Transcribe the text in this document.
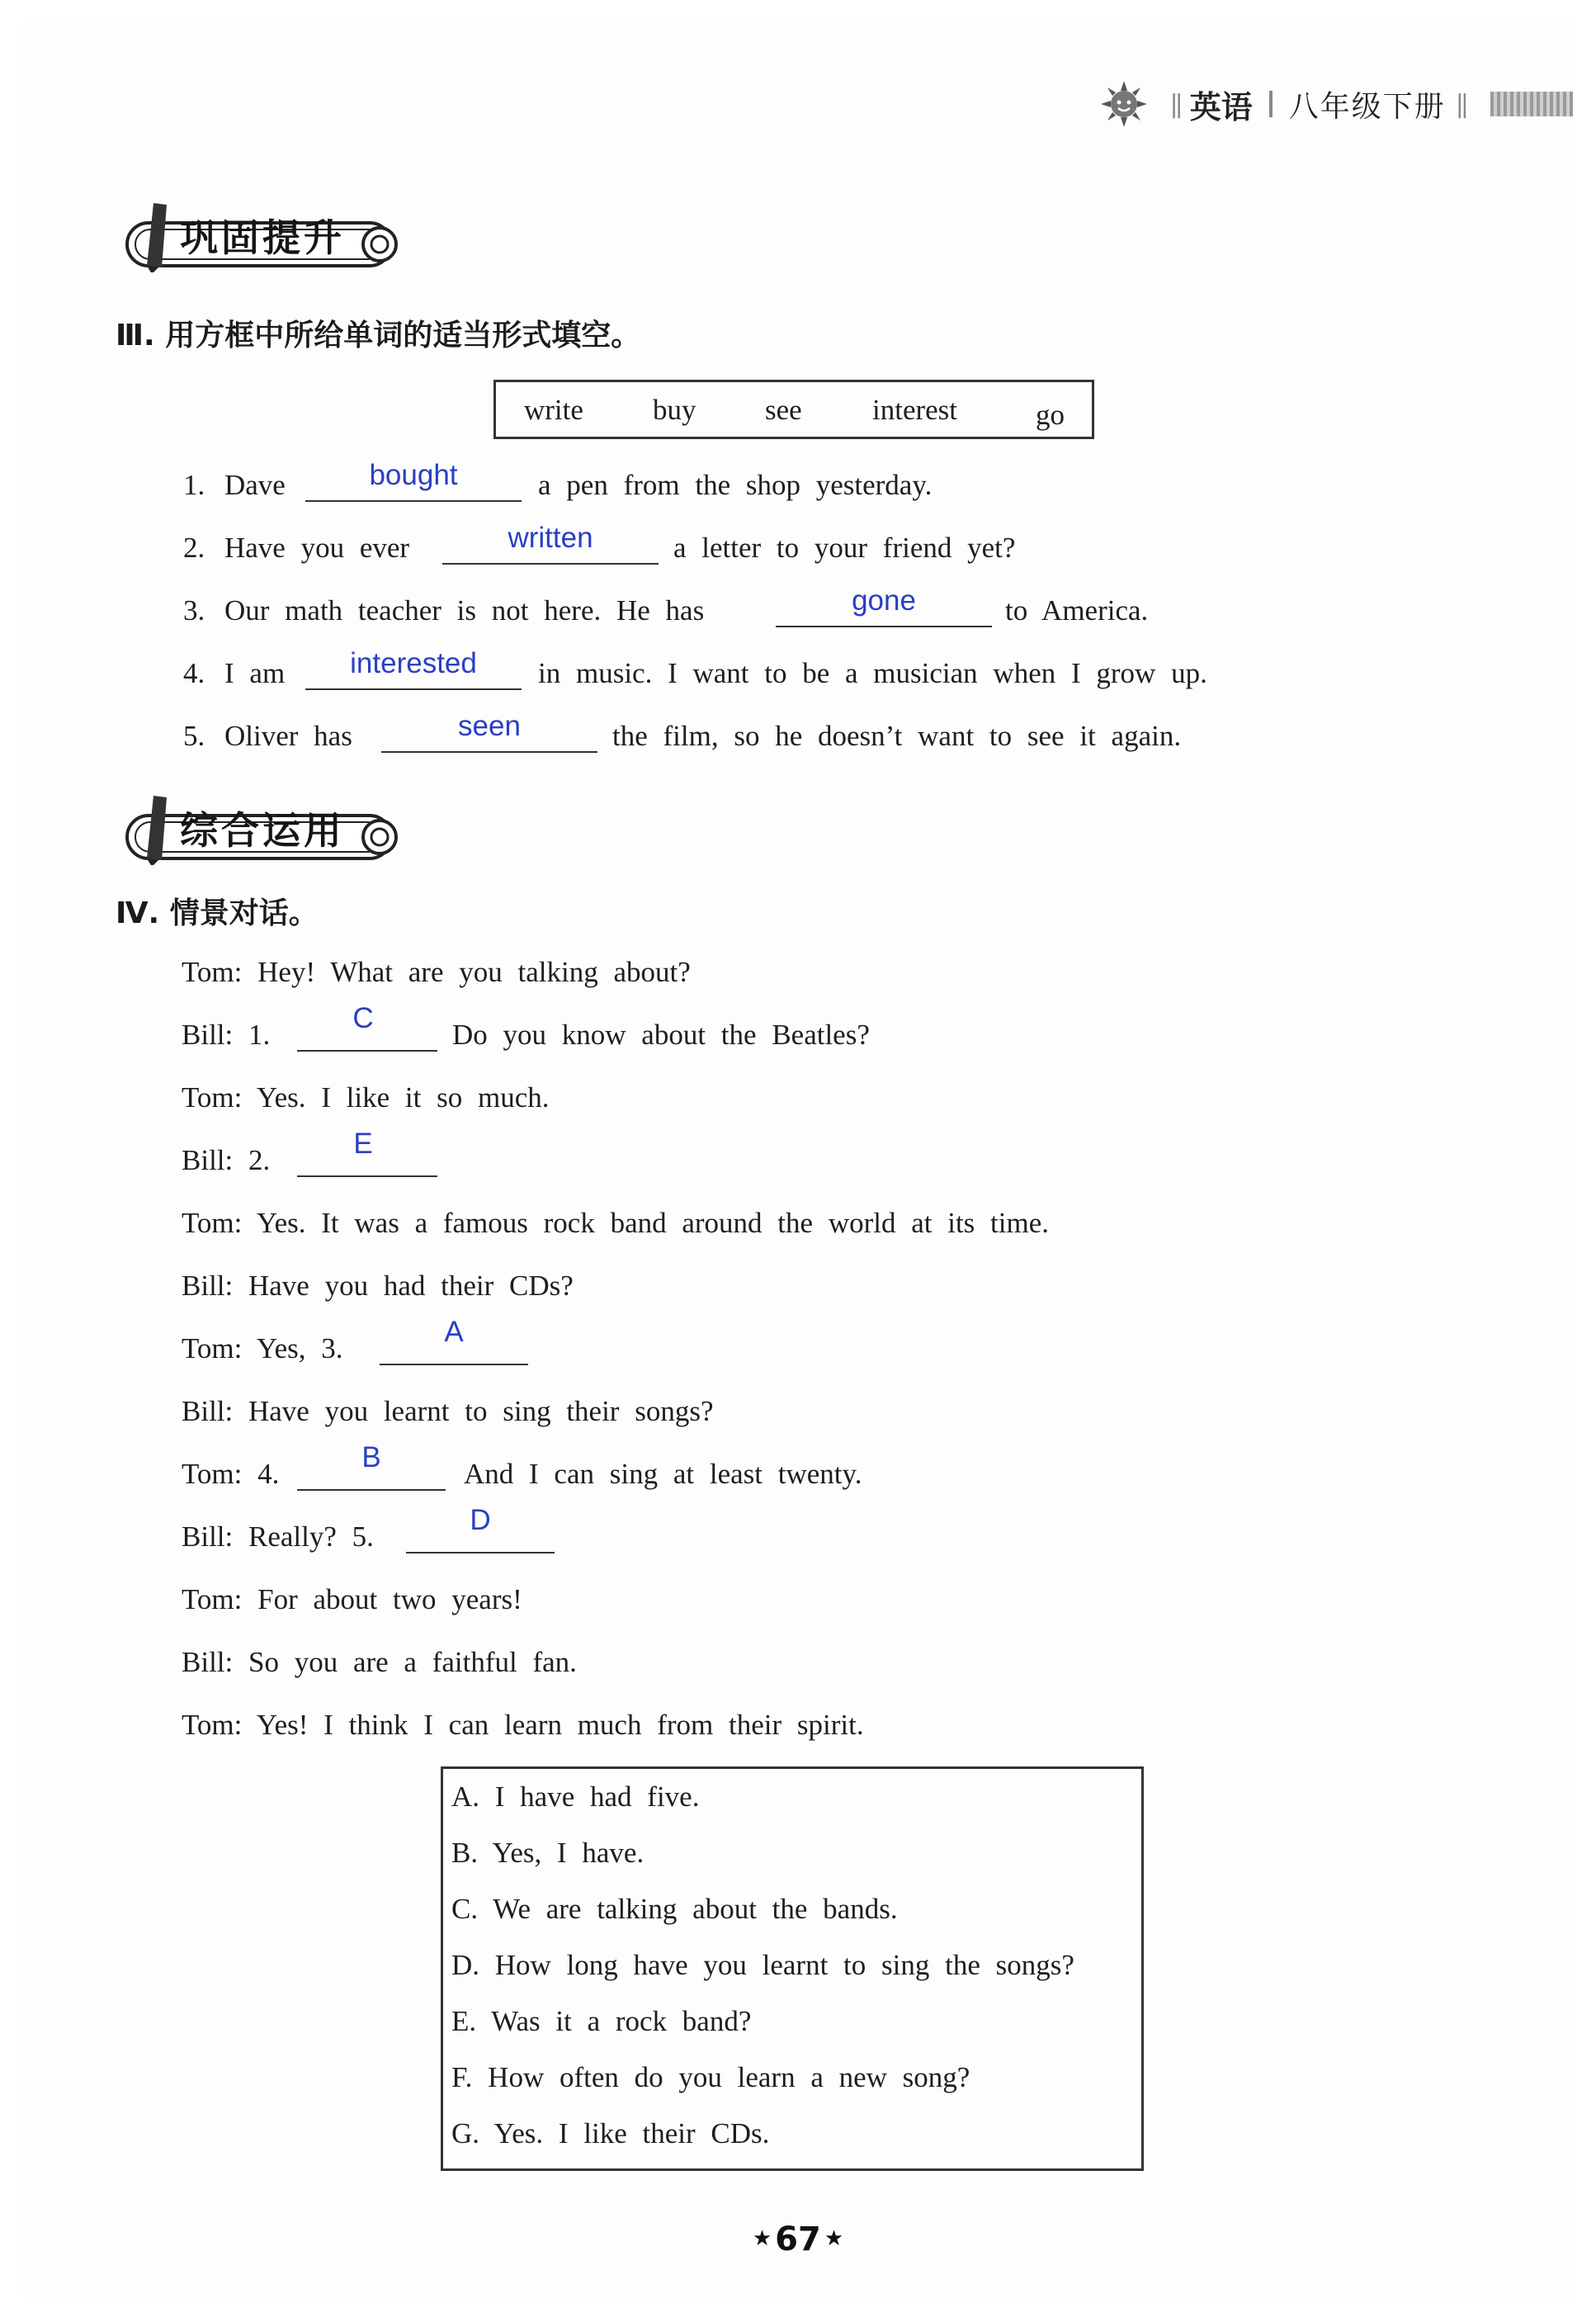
|| 英语 八年级下册 ||
巩固提升
Ⅲ. 用方框中所给单词的适当形式填空。
write buy see interest	go
1. Dave	bought	a pen from the shop yesterday.
2. Have you ever	written	a letter to your friend yet?
3. Our math teacher is not here. He has	gone	to America.
4. I am	interested	in music. I want to be a musician when I grow up.
5. Oliver has	seen	the film, so he doesn’t want to see it again.
综合运用
Ⅳ. 情景对话。
Tom: Hey! What are you talking about?
Bill: 1.
C
Do you know about the Beatles?
Tom: Yes. I like it so much.
Bill: 2.
E
Tom: Yes. It was a famous rock band around the world at its time.
Bill: Have you had their CDs?
Tom: Yes, 3.
A
Bill: Have you learnt to sing their songs?
Tom: 4.
B
And I can sing at least twenty.
Bill: Really? 5.
D
Tom: For about two years!
Bill: So you are a faithful fan.
Tom: Yes! I think I can learn much from their spirit.
A. I have had five.
B. Yes, I have.
C. We are talking about the bands.
D. How long have you learnt to sing the songs?
E. Was it a rock band?
F. How often do you learn a new song?
G. Yes. I like their CDs.
★ 67 ★
